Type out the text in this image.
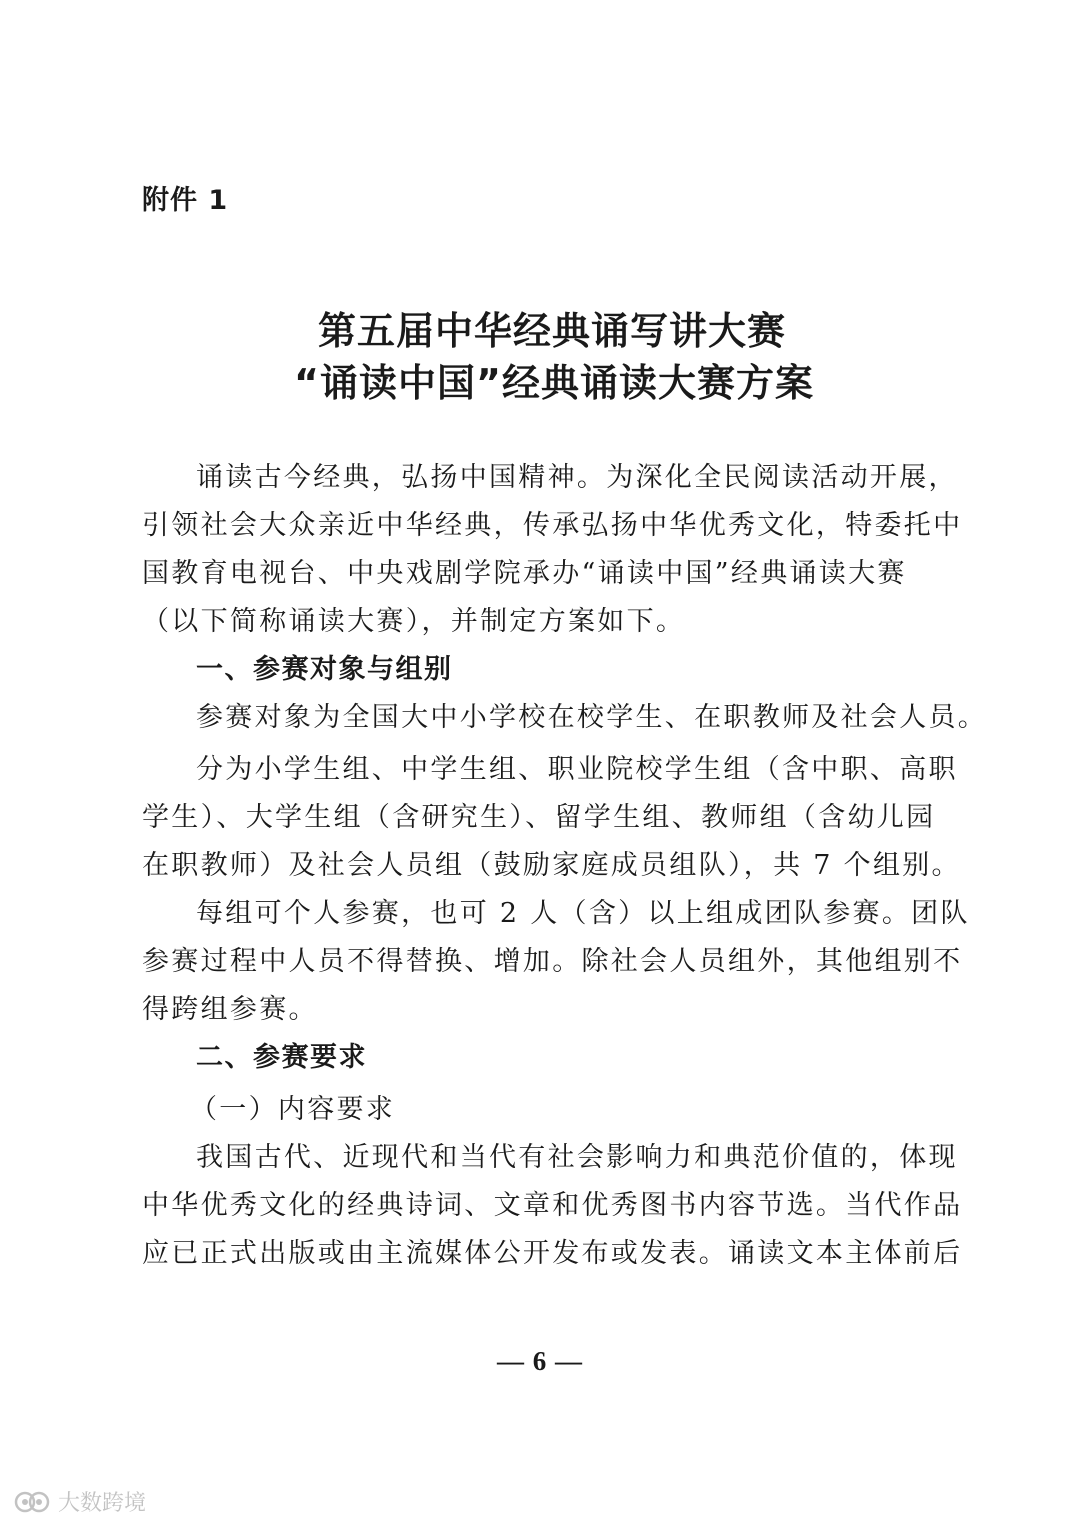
附件 1
第五届中华经典诵写讲大赛
“诵读中国”经典诵读大赛方案
诵读古今经典，弘扬中国精神。为深化全民阅读活动开展，
引领社会大众亲近中华经典，传承弘扬中华优秀文化，特委托中
国教育电视台、中央戏剧学院承办“诵读中国”经典诵读大赛
（以下简称诵读大赛），并制定方案如下。
一、参赛对象与组别
参赛对象为全国大中小学校在校学生、在职教师及社会人员。
分为小学生组、中学生组、职业院校学生组（含中职、高职
学生）、大学生组（含研究生）、留学生组、教师组（含幼儿园
在职教师）及社会人员组（鼓励家庭成员组队），共 7 个组别。
每组可个人参赛，也可 2 人（含）以上组成团队参赛。团队
参赛过程中人员不得替换、增加。除社会人员组外，其他组别不
得跨组参赛。
二、参赛要求
（一）内容要求
我国古代、近现代和当代有社会影响力和典范价值的，体现
中华优秀文化的经典诗词、文章和优秀图书内容节选。当代作品
应已正式出版或由主流媒体公开发布或发表。诵读文本主体前后
— 6 —
大数跨境
